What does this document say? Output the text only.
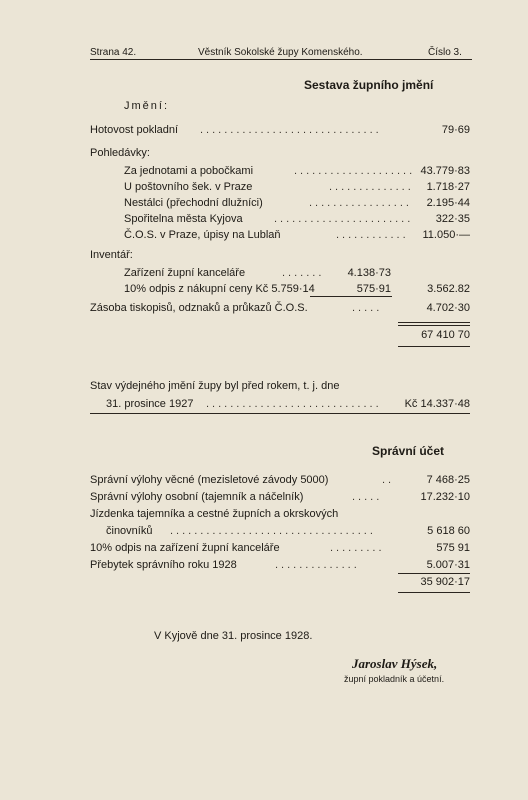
Strana 42.	Věstník Sokolské župy Komenského.	Číslo 3.
Sestava župního jmění
Jmění:
Hotovost pokladní ..............................	79·69
Pohledávky:
Za jednotami a pobočkami	.................... 43.779·83
U poštovního šek. v Praze	..............	1.718·27
Nestálci (přechodní dlužníci)	.................	2.195·44
Spořitelna města Kyjova	.......................	322·35
Č.O.S. v Praze, úpisy na Lublaň	............	11.050·—
Inventář:
Zařízení župní kanceláře	.......	4.138·73
10% odpis z nákupní ceny Kč 5.759·14	575·91	3.562.82
Zásoba tiskopisů, odznaků a průkazů Č.O.S.	.....	4.702·30
67 410 70
Stav výdejného jmění župy byl před rokem, t. j. dne
31. prosince 1927 .............................	Kč 14.337·48
Správní účet
Správní výlohy věcné (mezisletové závody 5000)	..	7 468·25
Správní výlohy osobní (tajemník a náčelník)	.....	17.232·10
Jízdenka tajemníka a cestné župních a okrskových
činovníků ..................................	5 618 60
10% odpis na zařízení župní kanceláře	.........	575 91
Přebytek správního roku 1928	..............	5.007·31
35 902·17
V Kyjově dne 31. prosince 1928.
Jaroslav Hýsek,
župní pokladník a účetní.
